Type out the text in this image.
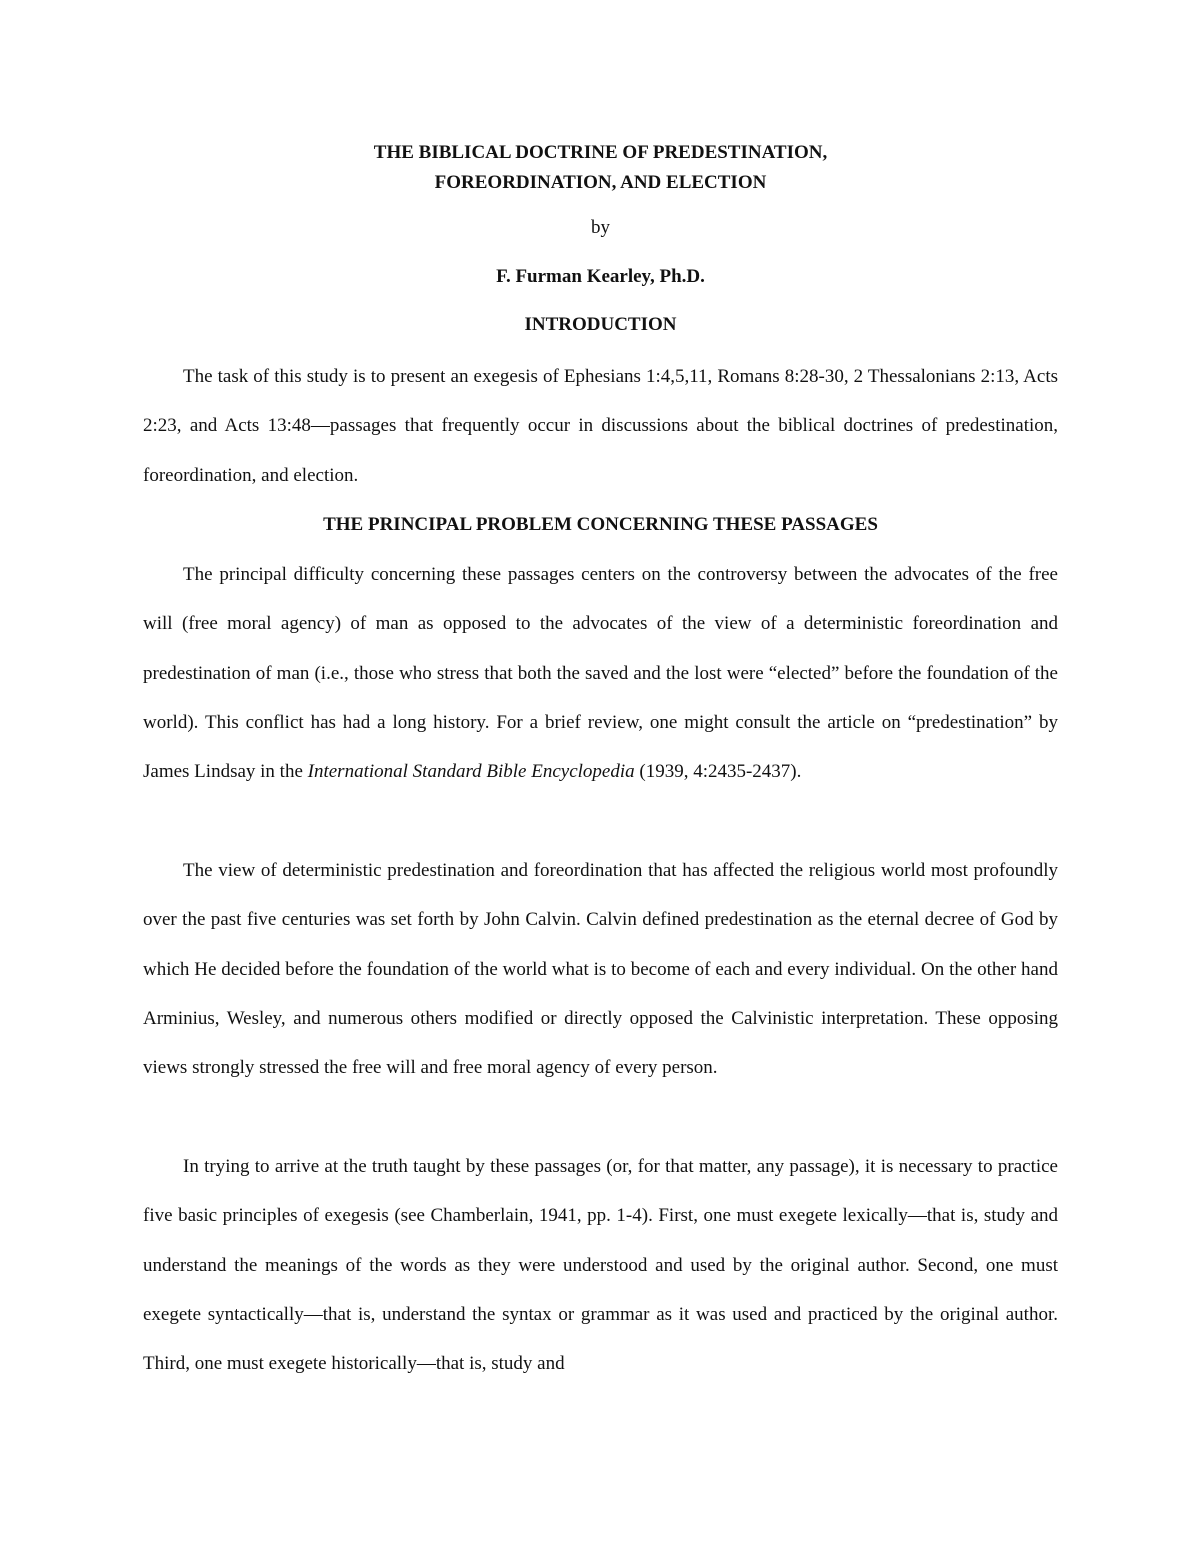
THE BIBLICAL DOCTRINE OF PREDESTINATION,
FOREORDINATION, AND ELECTION
by
F. Furman Kearley, Ph.D.
INTRODUCTION

The task of this study is to present an exegesis of Ephesians 1:4,5,11, Romans 8:28-30, 2 Thessalonians 2:13, Acts 2:23, and Acts 13:48—passages that frequently occur in discussions about the biblical doctrines of predestination, foreordination, and election.

THE PRINCIPAL PROBLEM CONCERNING THESE PASSAGES

The principal difficulty concerning these passages centers on the controversy between the advocates of the free will (free moral agency) of man as opposed to the advocates of the view of a deterministic foreordination and predestination of man (i.e., those who stress that both the saved and the lost were “elected” before the foundation of the world). This conflict has had a long history. For a brief review, one might consult the article on “predestination” by James Lindsay in the International Standard Bible Encyclopedia (1939, 4:2435-2437).

The view of deterministic predestination and foreordination that has affected the religious world most profoundly over the past five centuries was set forth by John Calvin. Calvin defined predestination as the eternal decree of God by which He decided before the foundation of the world what is to become of each and every individual. On the other hand Arminius, Wesley, and numerous others modified or directly opposed the Calvinistic interpretation. These opposing views strongly stressed the free will and free moral agency of every person.

In trying to arrive at the truth taught by these passages (or, for that matter, any passage), it is necessary to practice five basic principles of exegesis (see Chamberlain, 1941, pp. 1-4). First, one must exegete lexically—that is, study and understand the meanings of the words as they were understood and used by the original author. Second, one must exegete syntactically—that is, understand the syntax or grammar as it was used and practiced by the original author. Third, one must exegete historically—that is, study and
